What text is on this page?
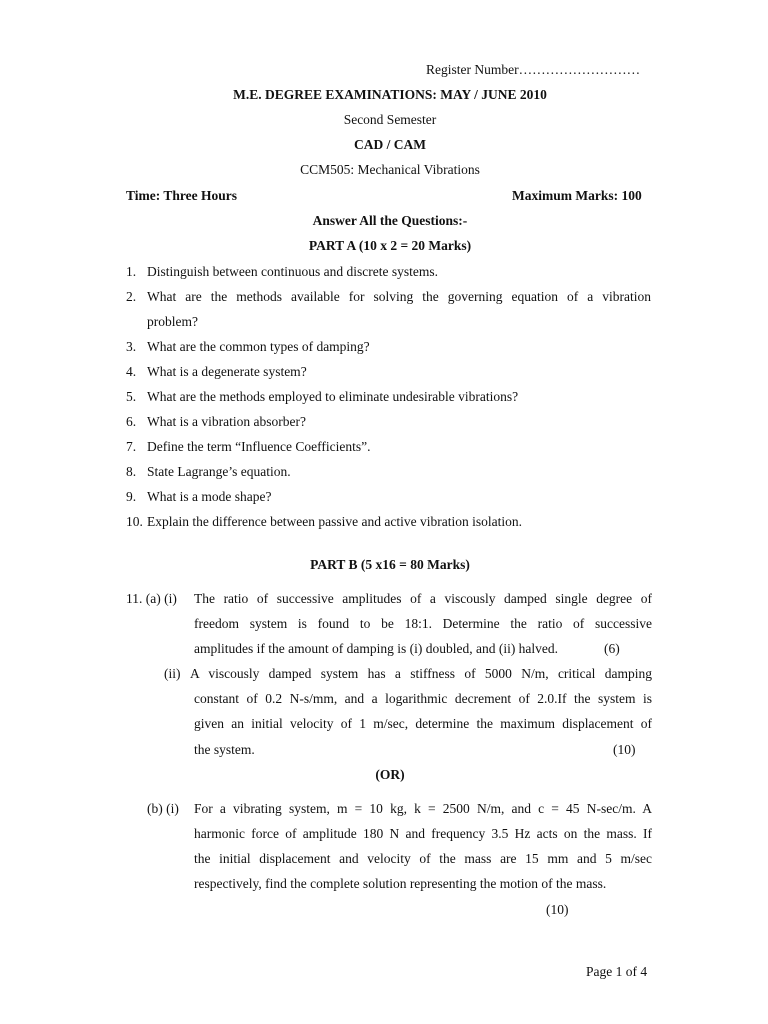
Register Number………………………
M.E. DEGREE EXAMINATIONS: MAY / JUNE 2010
Second Semester
CAD / CAM
CCM505: Mechanical Vibrations
Time: Three Hours	Maximum Marks: 100
Answer All the Questions:-
PART A (10 x 2 = 20 Marks)
1. Distinguish between continuous and discrete systems.
2. What are the methods available for solving the governing equation of a vibration
problem?
3. What are the common types of damping?
4. What is a degenerate system?
5. What are the methods employed to eliminate undesirable vibrations?
6. What is a vibration absorber?
7. Define the term “Influence Coefficients”.
8. State Lagrange’s equation.
9. What is a mode shape?
10. Explain the difference between passive and active vibration isolation.
PART B (5 x16 = 80 Marks)
11. (a) (i) The ratio of successive amplitudes of a viscously damped single degree of
freedom system is found to be 18:1. Determine the ratio of successive
amplitudes if the amount of damping is (i) doubled, and (ii) halved.	(6)
(ii) A viscously damped system has a stiffness of 5000 N/m, critical damping
constant of 0.2 N-s/mm, and a logarithmic decrement of 2.0.If the system is
given an initial velocity of 1 m/sec, determine the maximum displacement of
the system.	(10)
(OR)
(b) (i) For a vibrating system, m = 10 kg, k = 2500 N/m, and c = 45 N-sec/m. A
harmonic force of amplitude 180 N and frequency 3.5 Hz acts on the mass. If
the initial displacement and velocity of the mass are 15 mm and 5 m/sec
respectively, find the complete solution representing the motion of the mass.
(10)
Page 1 of 4
